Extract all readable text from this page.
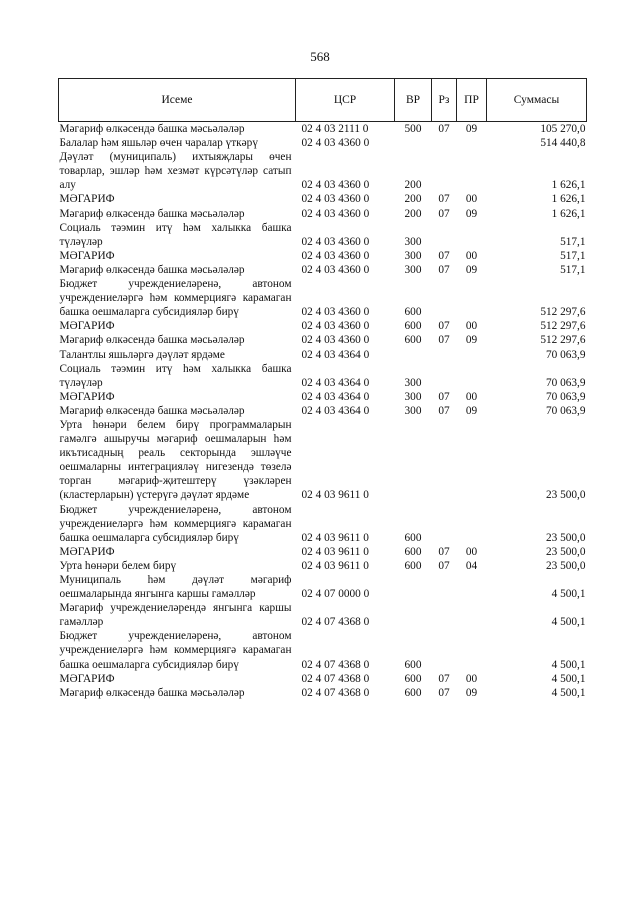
568
Исеме	ЦСР	ВР	Рз	ПР	Суммасы
Мәгариф өлкәсендә башка мәсьәләләр	02 4 03 2111 0	500	07	09	105 270,0
Балалар һәм яшьләр өчен чаралар үткәрү	02 4 03 4360 0				514 440,8
Дәүләт (муниципаль) ихтыяҗлары өчен товарлар, эшләр һәм хезмәт күрсәтүләр сатып алу	02 4 03 4360 0	200			1 626,1
МӘГАРИФ	02 4 03 4360 0	200	07	00	1 626,1
Мәгариф өлкәсендә башка мәсьәләләр	02 4 03 4360 0	200	07	09	1 626,1
Социаль тәэмин итү һәм халыкка башка түләүләр	02 4 03 4360 0	300			517,1
МӘГАРИФ	02 4 03 4360 0	300	07	00	517,1
Мәгариф өлкәсендә башка мәсьәләләр	02 4 03 4360 0	300	07	09	517,1
Бюджет учреждениеләренә, автоном учреждениеләргә һәм коммерциягә карамаган башка оешмаларга субсидияләр бирү	02 4 03 4360 0	600			512 297,6
МӘГАРИФ	02 4 03 4360 0	600	07	00	512 297,6
Мәгариф өлкәсендә башка мәсьәләләр	02 4 03 4360 0	600	07	09	512 297,6
Талантлы яшьләргә дәүләт ярдәме	02 4 03 4364 0				70 063,9
Социаль тәэмин итү һәм халыкка башка түләүләр	02 4 03 4364 0	300			70 063,9
МӘГАРИФ	02 4 03 4364 0	300	07	00	70 063,9
Мәгариф өлкәсендә башка мәсьәләләр	02 4 03 4364 0	300	07	09	70 063,9
Урта һөнәри белем бирү программаларын гамәлгә ашыручы мәгариф оешмаларын һәм икътисадның реаль секторында эшләүче оешмаларны интеграцияләү нигезендә төзелә торган мәгариф-җитештерү үзәкләрен (кластерларын) үстерүгә дәүләт ярдәме	02 4 03 9611 0				23 500,0
Бюджет учреждениеләренә, автоном учреждениеләргә һәм коммерциягә карамаган башка оешмаларга субсидияләр бирү	02 4 03 9611 0	600			23 500,0
МӘГАРИФ	02 4 03 9611 0	600	07	00	23 500,0
Урта һөнәри белем бирү	02 4 03 9611 0	600	07	04	23 500,0
Муниципаль һәм дәүләт мәгариф оешмаларында янгынга каршы гамәлләр	02 4 07 0000 0				4 500,1
Мәгариф учреждениеләрендә янгынга каршы гамәлләр	02 4 07 4368 0				4 500,1
Бюджет учреждениеләренә, автоном учреждениеләргә һәм коммерциягә карамаган башка оешмаларга субсидияләр бирү	02 4 07 4368 0	600			4 500,1
МӘГАРИФ	02 4 07 4368 0	600	07	00	4 500,1
Мәгариф өлкәсендә башка мәсьәләләр	02 4 07 4368 0	600	07	09	4 500,1
